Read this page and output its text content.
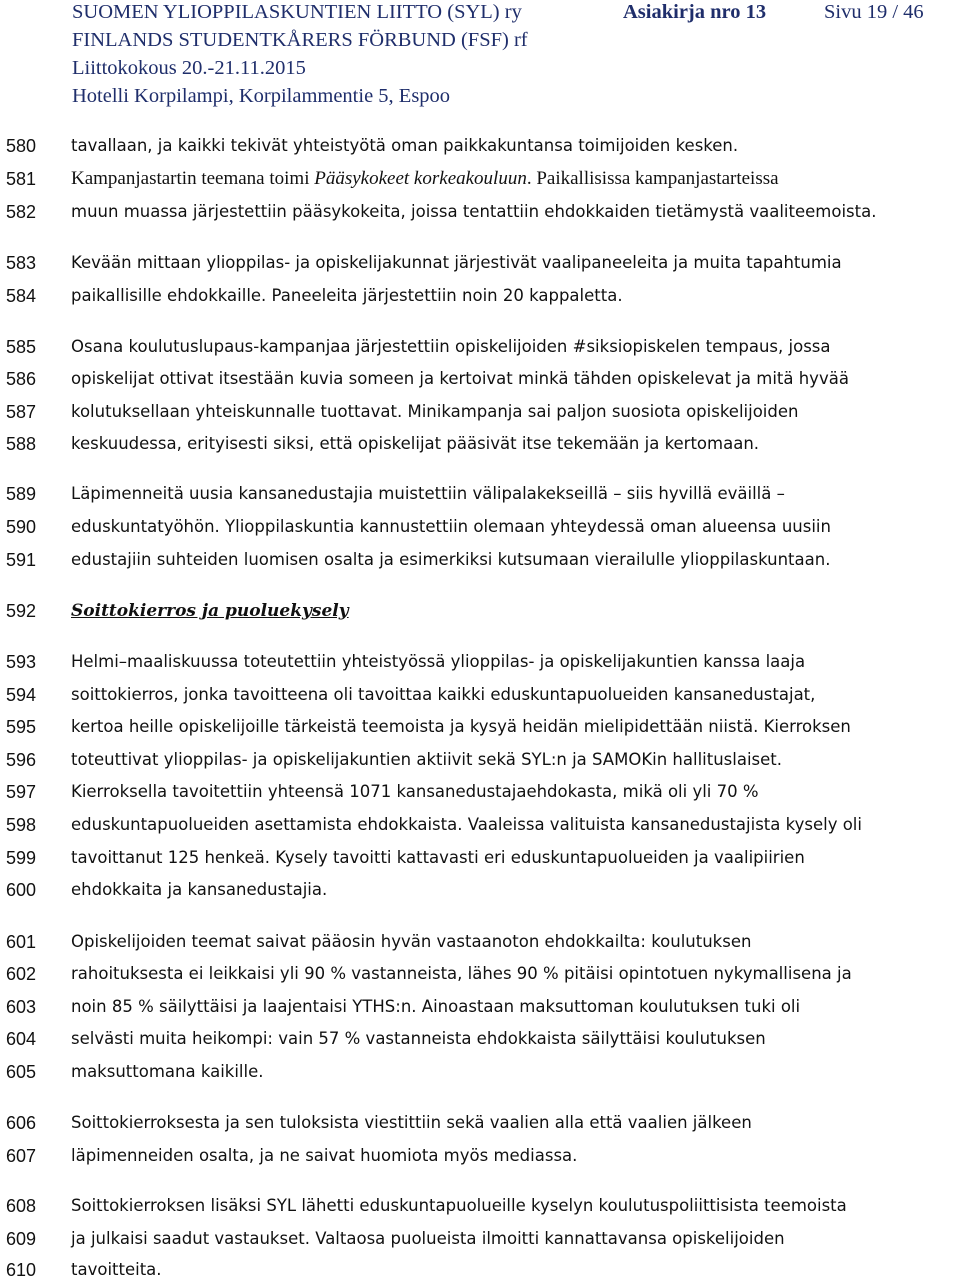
SUOMEN YLIOPPILASKUNTIEN LIITTO (SYL) ry

FINLANDS STUDENTKÅRERS FÖRBUND (FSF) rf

Liittokokous 20.-21.11.2015

Hotelli Korpilampi, Korpilammentie 5, Espoo

Asiakirja nro 13	Sivu 19 / 46
580	tavallaan, ja kaikki tekivät yhteistyötä oman paikkakuntansa toimijoiden kesken.

581	Kampanjastartin teemana toimi Pääsykokeet korkeakouluun. Paikallisissa kampanjastarteissa

582	muun muassa järjestettiin pääsykokeita, joissa tentattiin ehdokkaiden tietämystä vaaliteemoista.

583	Kevään mittaan ylioppilas- ja opiskelijakunnat järjestivät vaalipaneeleita ja muita tapahtumia

584	paikallisille ehdokkaille. Paneeleita järjestettiin noin 20 kappaletta.

585	Osana koulutuslupaus-kampanjaa järjestettiin opiskelijoiden #siksiopiskelen tempaus, jossa

586	opiskelijat ottivat itsestään kuvia someen ja kertoivat minkä tähden opiskelevat ja mitä hyvää

587	kolutuksellaan yhteiskunnalle tuottavat. Minikampanja sai paljon suosiota opiskelijoiden

588	keskuudessa, erityisesti siksi, että opiskelijat pääsivät itse tekemään ja kertomaan.

589	Läpimenneitä uusia kansanedustajia muistettiin välipalakekseillä – siis hyvillä eväillä –

590	eduskuntatyöhön. Ylioppilaskuntia kannustettiin olemaan yhteydessä oman alueensa uusiin

591	edustajiin suhteiden luomisen osalta ja esimerkiksi kutsumaan vierailulle ylioppilaskuntaan.

592	Soittokierros ja puoluekysely

593	Helmi–maaliskuussa toteutettiin yhteistyössä ylioppilas- ja opiskelijakuntien kanssa laaja

594	soittokierros, jonka tavoitteena oli tavoittaa kaikki eduskuntapuolueiden kansanedustajat,

595	kertoa heille opiskelijoille tärkeistä teemoista ja kysyä heidän mielipidettään niistä. Kierroksen

596	toteuttivat ylioppilas- ja opiskelijakuntien aktiivit sekä SYL:n ja SAMOKin hallituslaiset.

597	Kierroksella tavoitettiin yhteensä 1071 kansanedustajaehdokasta, mikä oli yli 70 %

598	eduskuntapuolueiden asettamista ehdokkaista. Vaaleissa valituista kansanedustajista kysely oli

599	tavoittanut 125 henkeä. Kysely tavoitti kattavasti eri eduskuntapuolueiden ja vaalipiirien

600	ehdokkaita ja kansanedustajia.

601	Opiskelijoiden teemat saivat pääosin hyvän vastaanoton ehdokkailta: koulutuksen

602	rahoituksesta ei leikkaisi yli 90 % vastanneista, lähes 90 % pitäisi opintotuen nykymallisena ja

603	noin 85 % säilyttäisi ja laajentaisi YTHS:n. Ainoastaan maksuttoman koulutuksen tuki oli

604	selvästi muita heikompi: vain 57 % vastanneista ehdokkaista säilyttäisi koulutuksen

605	maksuttomana kaikille.

606	Soittokierroksesta ja sen tuloksista viestittiin sekä vaalien alla että vaalien jälkeen

607	läpimenneiden osalta, ja ne saivat huomiota myös mediassa.

608	Soittokierroksen lisäksi SYL lähetti eduskuntapuolueille kyselyn koulutuspoliittisista teemoista

609	ja julkaisi saadut vastaukset. Valtaosa puolueista ilmoitti kannattavansa opiskelijoiden

610	tavoitteita.
